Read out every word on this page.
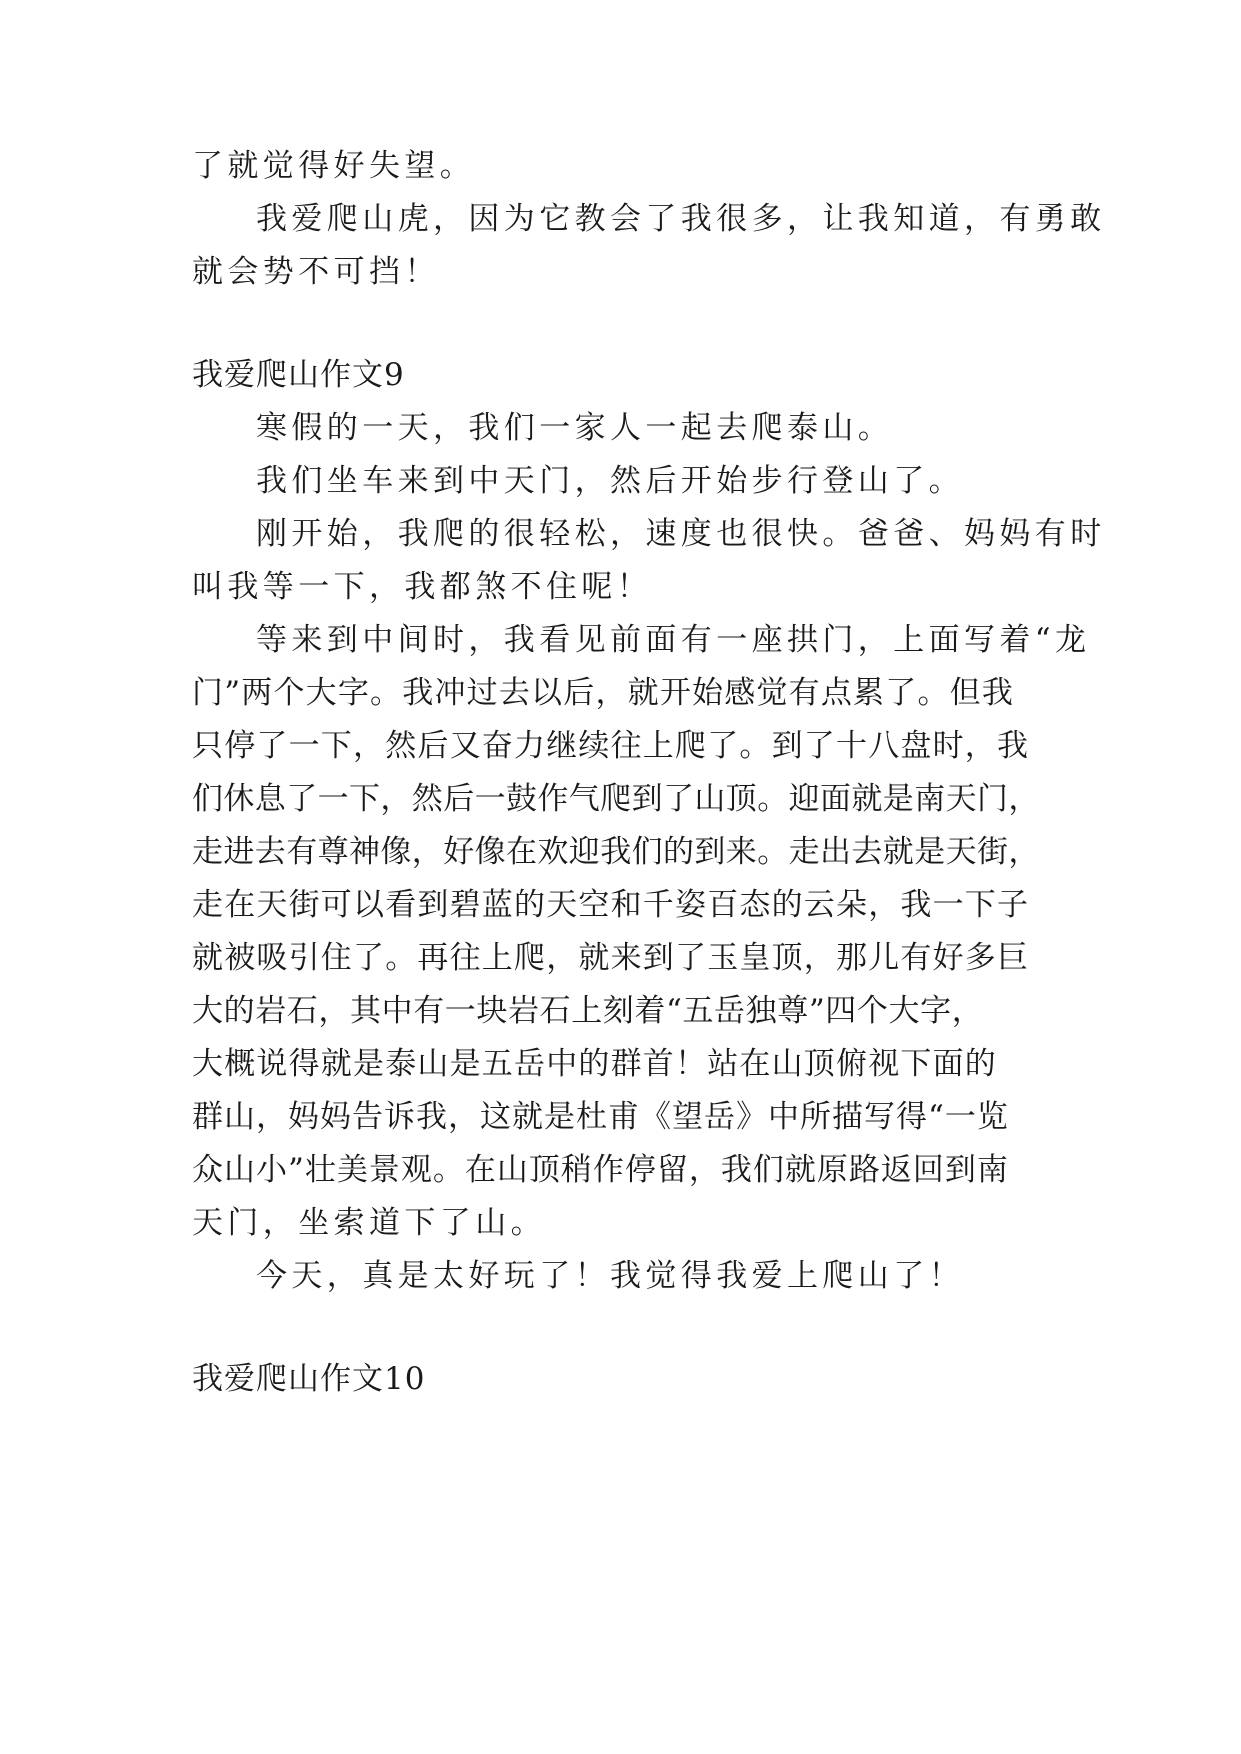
了就觉得好失望。
我爱爬山虎，因为它教会了我很多，让我知道，有勇敢
就会势不可挡！
我爱爬山作文9
寒假的一天，我们一家人一起去爬泰山。
我们坐车来到中天门，然后开始步行登山了。
刚开始，我爬的很轻松，速度也很快。爸爸、妈妈有时
叫我等一下，我都煞不住呢！
等来到中间时，我看见前面有一座拱门，上面写着“龙
门”两个大字。我冲过去以后，就开始感觉有点累了。但我
只停了一下，然后又奋力继续往上爬了。到了十八盘时，我
们休息了一下，然后一鼓作气爬到了山顶。迎面就是南天门，
走进去有尊神像，好像在欢迎我们的到来。走出去就是天街，
走在天街可以看到碧蓝的天空和千姿百态的云朵，我一下子
就被吸引住了。再往上爬，就来到了玉皇顶，那儿有好多巨
大的岩石，其中有一块岩石上刻着“五岳独尊”四个大字，
大概说得就是泰山是五岳中的群首！站在山顶俯视下面的
群山，妈妈告诉我，这就是杜甫《望岳》中所描写得“一览
众山小”壮美景观。在山顶稍作停留，我们就原路返回到南
天门，坐索道下了山。
今天，真是太好玩了！我觉得我爱上爬山了！
我爱爬山作文10
